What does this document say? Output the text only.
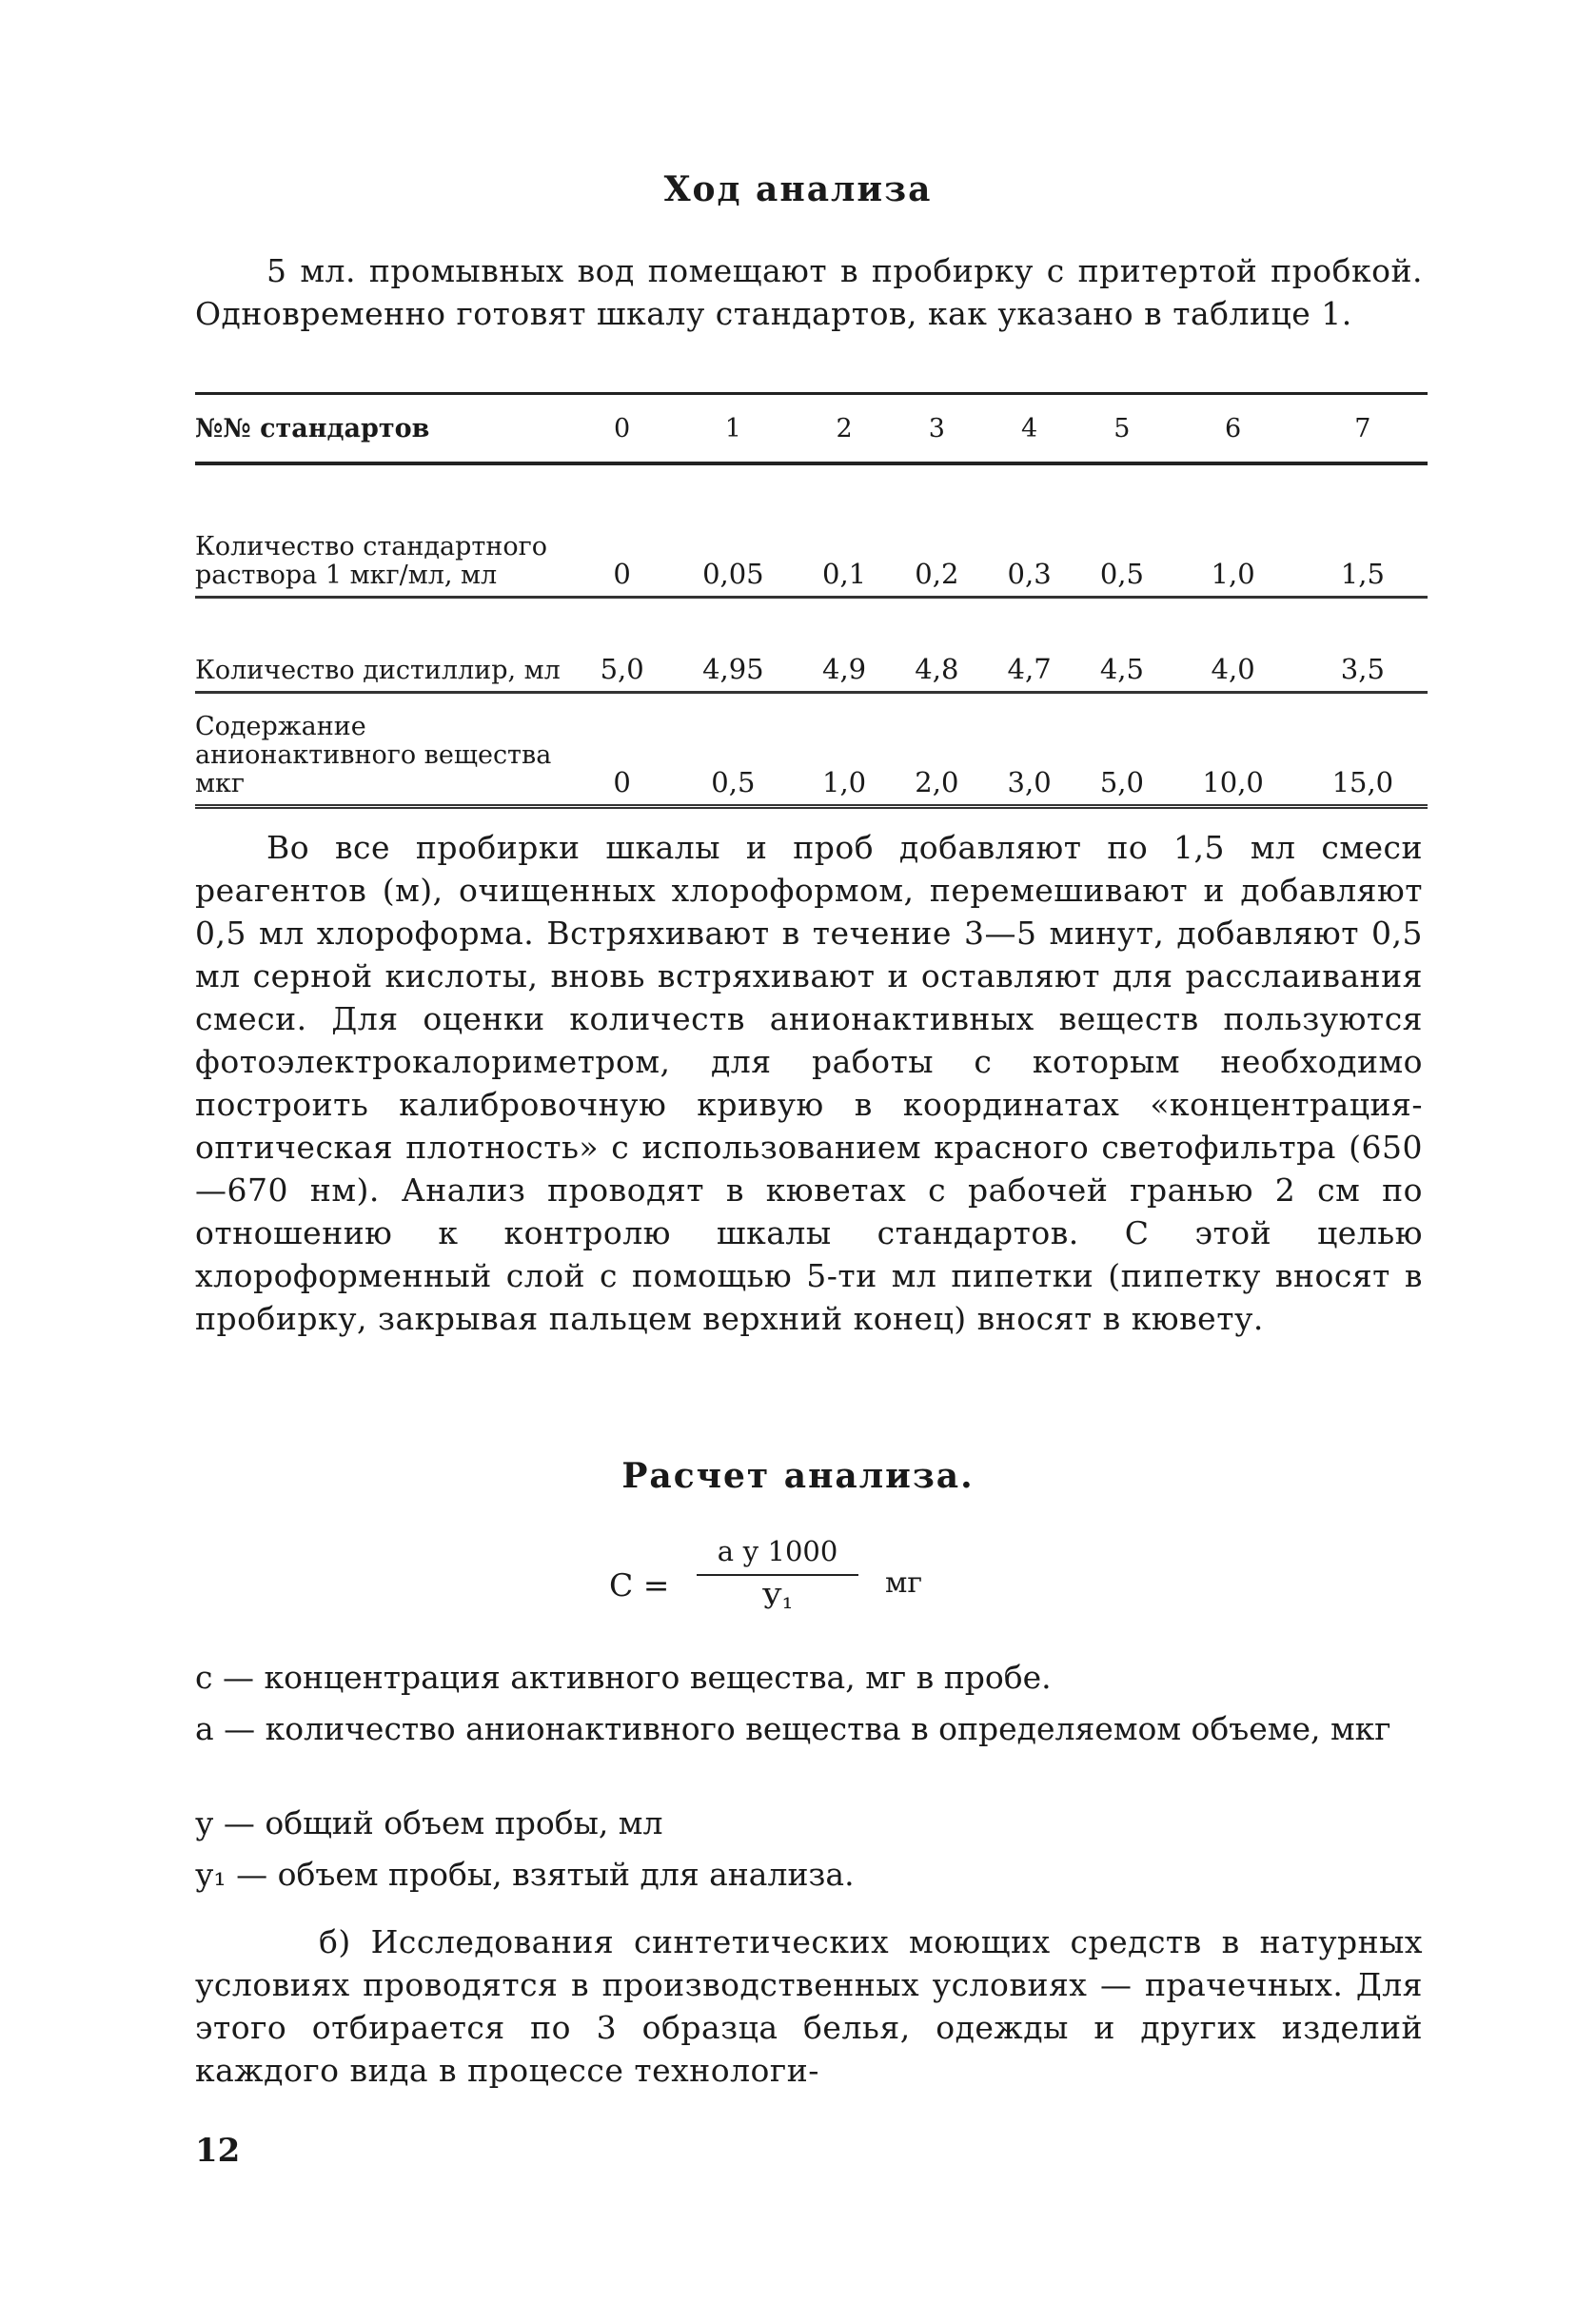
Ход анализа
5 мл. промывных вод помещают в пробирку с притертой пробкой. Одновременно готовят шкалу стандартов, как указано в таблице 1.
№№ стандартов	0	1	2	3	4	5	6	7
Количество стандартного раствора 1 мкг/мл, мл	0	0,05	0,1	0,2	0,3	0,5	1,0	1,5
Количество дистиллир, мл	5,0	4,95	4,9	4,8	4,7	4,5	4,0	3,5
Содержание анионактивного вещества мкг	0	0,5	1,0	2,0	3,0	5,0	10,0	15,0
Во все пробирки шкалы и проб добавляют по 1,5 мл смеси реагентов (м), очищенных хлороформом, перемешивают и добавляют 0,5 мл хлороформа. Встряхивают в течение 3—5 минут, добавляют 0,5 мл серной кислоты, вновь встряхивают и оставляют для расслаивания смеси. Для оценки количеств анионактивных веществ пользуются фотоэлектрокалориметром, для работы с которым необходимо построить калибровочную кривую в координатах «концентрация-оптическая плотность» с использованием красного светофильтра (650—670 нм). Анализ проводят в кюветах с рабочей гранью 2 см по отношению к контролю шкалы стандартов. С этой целью хлороформенный слой с помощью 5-ти мл пипетки (пипетку вносят в пробирку, закрывая пальцем верхний конец) вносят в кювету.
Расчет анализа.
С =
а у 1000
У₁	мг
с — концентрация активного вещества, мг в пробе.
а — количество анионактивного вещества в определяемом объеме, мкг
у — общий объем пробы, мл
у₁ — объем пробы, взятый для анализа.
б) Исследования синтетических моющих средств в натурных условиях проводятся в производственных условиях — прачечных. Для этого отбирается по 3 образца белья, одежды и других изделий каждого вида в процессе технологи-
12
